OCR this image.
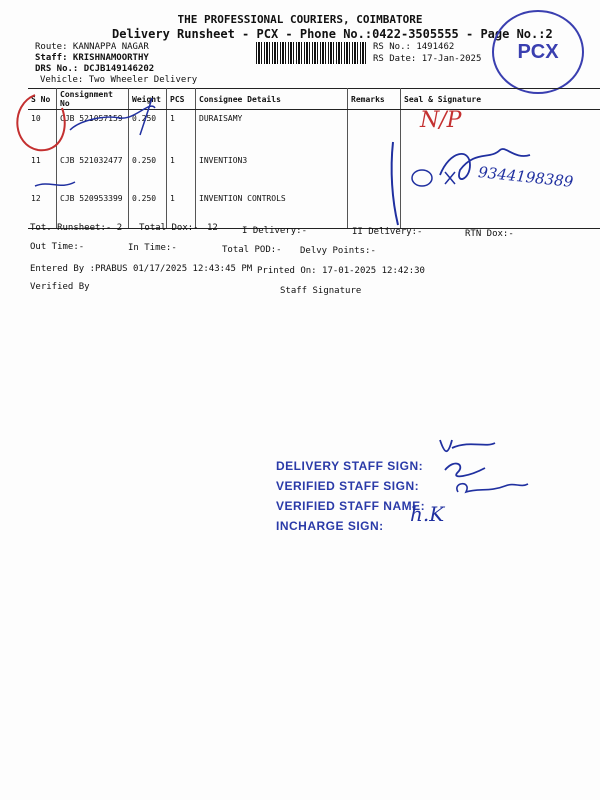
THE PROFESSIONAL COURIERS, COIMBATORE
Delivery Runsheet - PCX - Phone No.:0422-3505555 - Page No.:2
Route: KANNAPPA NAGAR
Staff: KRISHNAMOORTHY
DRS No.: DCJB149146202
Vehicle: Two Wheeler Delivery
RS No.: 1491462
RS Date: 17-Jan-2025 PCX
S No	Consignment No	Weight	PCS	Consignee Details	Remarks	Seal & Signature
10	CJB 521057159	0.250	1	DURAISAMY		
11	CJB 521032477	0.250	1	INVENTION3		
12	CJB 520953399	0.250	1	INVENTION CONTROLS		
Tot. Runsheet:- 2 Total Dox:- 12	I Delivery:-	II Delivery:-	RTN Dox:-
Out Time:-	In Time:-	Total POD:- Delvy Points:-
Entered By :PRABUS 01/17/2025 12:43:45 PM Printed On: 17-01-2025 12:42:30
Verified By	Staff Signature
DELIVERY STAFF SIGN:
VERIFIED STAFF SIGN:
VERIFIED STAFF NAME:
INCHARGE SIGN:
N/P
9344198389
h.K
